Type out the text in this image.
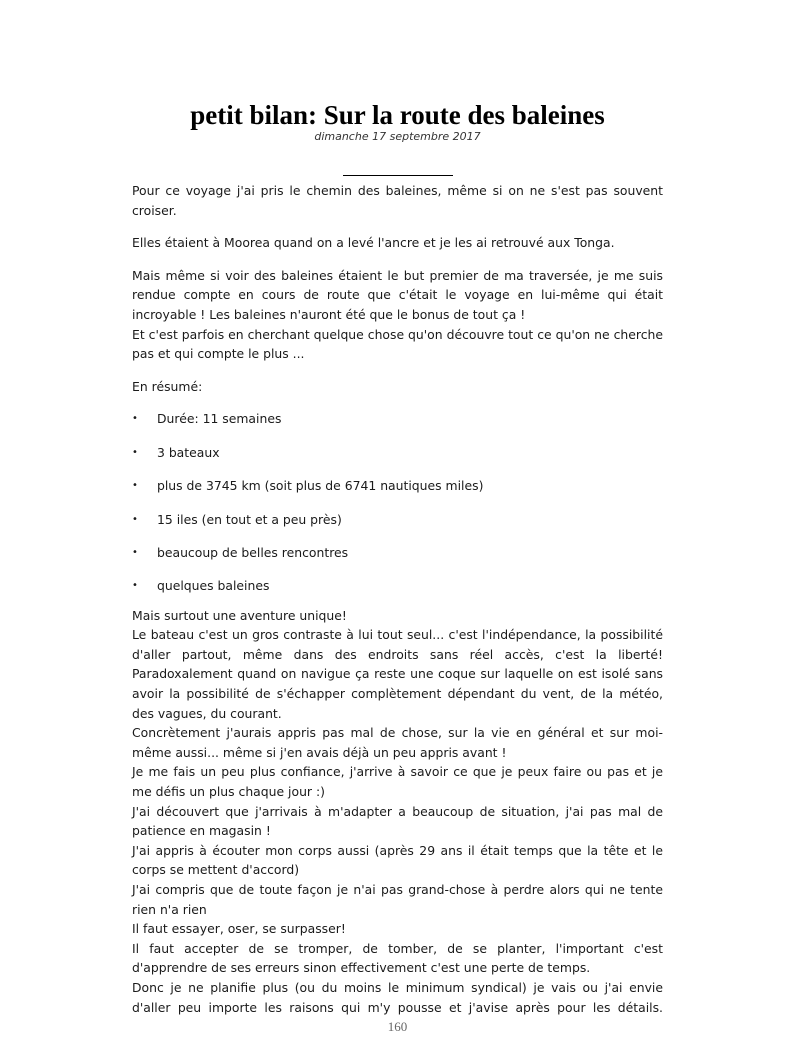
petit bilan: Sur la route des baleines
dimanche 17 septembre 2017

Pour ce voyage j'ai pris le chemin des baleines, même si on ne s'est pas souvent croiser.

Elles étaient à Moorea quand on a levé l'ancre et je les ai retrouvé aux Tonga.

Mais même si voir des baleines étaient le but premier de ma traversée, je me suis rendue compte en cours de route que c'était le voyage en lui-même qui était incroyable ! Les baleines n'auront été que le bonus de tout ça !

Et c'est parfois en cherchant quelque chose qu'on découvre tout ce qu'on ne cherche pas et qui compte le plus ...

En résumé:

•	Durée: 11 semaines
•	3 bateaux
•	plus de 3745 km (soit plus de 6741 nautiques miles)
•	15 iles (en tout et a peu près)
•	beaucoup de belles rencontres
•	quelques baleines

Mais surtout une aventure unique!

Le bateau c'est un gros contraste à lui tout seul... c'est l'indépendance, la possibilité d'aller partout, même dans des endroits sans réel accès, c'est la liberté! Paradoxalement quand on navigue ça reste une coque sur laquelle on est isolé sans avoir la possibilité de s'échapper complètement dépendant du vent, de la météo, des vagues, du courant.

Concrètement j'aurais appris pas mal de chose, sur la vie en général et sur moi-même aussi... même si j'en avais déjà un peu appris avant !

Je me fais un peu plus confiance, j'arrive à savoir ce que je peux faire ou pas et je me défis un plus chaque jour :)

J'ai découvert que j'arrivais à m'adapter a beaucoup de situation, j'ai pas mal de patience en magasin !

J'ai appris à écouter mon corps aussi (après 29 ans il était temps que la tête et le corps se mettent d'accord)

J'ai compris que de toute façon je n'ai pas grand-chose à perdre alors qui ne tente rien n'a rien

Il faut essayer, oser, se surpasser!

Il faut accepter de se tromper, de tomber, de se planter, l'important c'est d'apprendre de ses erreurs sinon effectivement c'est une perte de temps.

Donc je ne planifie plus (ou du moins le minimum syndical) je vais ou j'ai envie d'aller peu importe les raisons qui m'y pousse et j'avise après pour les détails.

160
